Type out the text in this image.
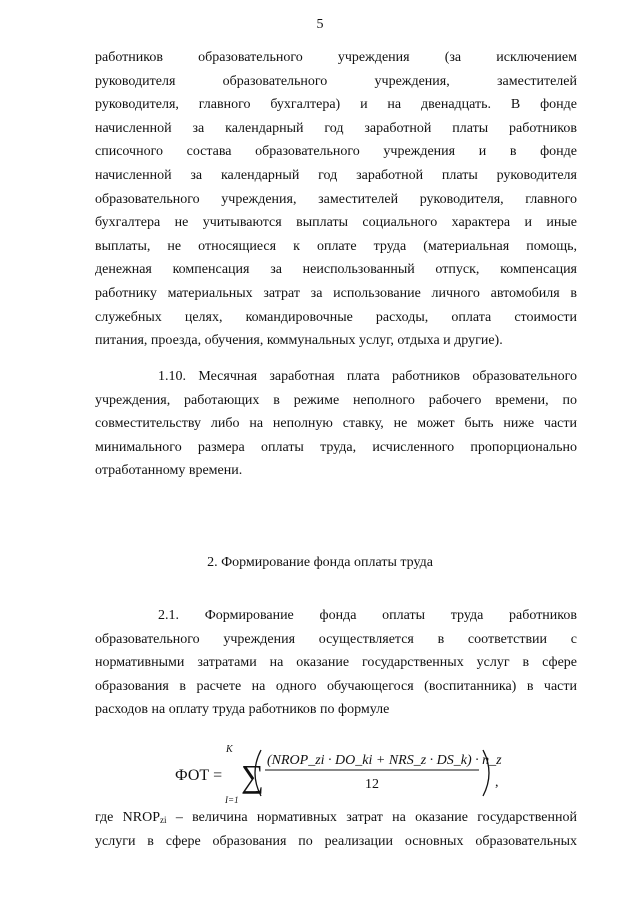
5
работников образовательного учреждения (за исключением
руководителя образовательного учреждения, заместителей
руководителя, главного бухгалтера) и на двенадцать. В фонде
начисленной за календарный год заработной платы работников
списочного состава образовательного учреждения и в фонде
начисленной за календарный год заработной платы руководителя
образовательного учреждения, заместителей руководителя, главного
бухгалтера не учитываются выплаты социального характера и иные
выплаты, не относящиеся к оплате труда (материальная помощь,
денежная компенсация за неиспользованный отпуск, компенсация
работнику материальных затрат за использование личного автомобиля в
служебных целях, командировочные расходы, оплата стоимости
питания, проезда, обучения, коммунальных услуг, отдыха и другие).
1.10. Месячная заработная плата работников образовательного
учреждения, работающих в режиме неполного рабочего времени, по
совместительству либо на неполную ставку, не может быть ниже части
минимального размера оплаты труда, исчисленного пропорционально
отработанному времени.
2. Формирование фонда оплаты труда
2.1. Формирование фонда оплаты труда работников
образовательного учреждения осуществляется в соответствии с
нормативными затратами на оказание государственных услуг в сфере
образования в расчете на одного обучающегося (воспитанника) в части
расходов на оплату труда работников по формуле
ФОТ =
K
∑
I=1
(NROP_zi · DO_ki + NRS_z · DS_k) · n_z
12	,
где $NROP_{zi}$ – величина нормативных затрат на оказание государственной
услуги в сфере образования по реализации основных образовательных
